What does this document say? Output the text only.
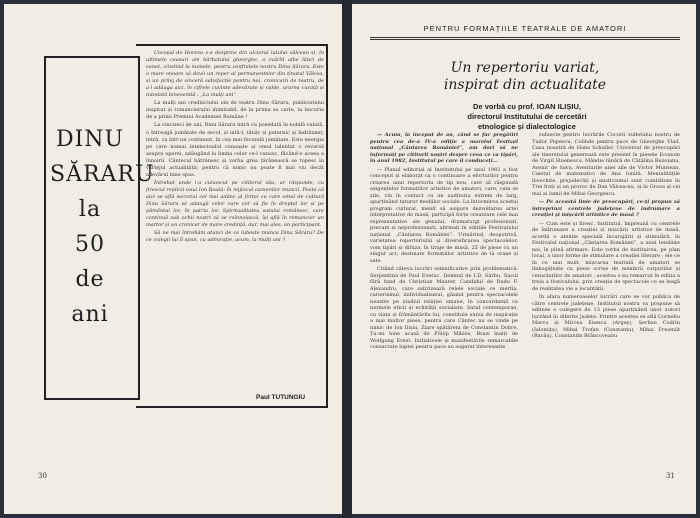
DINU
SĂRARU
la
50
de
ani

Cocoșul de Horezu s-a desprins din ulciorul lutului vâlcean și, în ultimele ceasuri ale bărbatului gheorghe, a zvârlit albe lănci de sunet, cinstind la numele, pentru confratele nostru Dinu Săraru. Este o mare onoare să devii un reper al permanentelor din ținutul Vâlcea, și un prilej de sinceră satisfacție pentru noi, cronicarii de teatru, de a-l adăuga aici, în cifrele cuvinte adevărate și calde, urarea curată și totodată binevenită : „La mulți ani”

La mulți ani credinciului om de teatru Dinu Săraru, publicistului inspirat și romancierului inimitabil, de la prima sa carte, la bucuria de a primi Premiul Academiei Române !

La cincizeci de ani, Dinu Săraru intră cu posedată în nobilă valută, o întreagă jumătate de secol, și iată-l, tânăr și puternic și îndrăzneț, intră, ca într-un continent, în cea mai fecundă jumătate. Este energia pe care numai intelectualul cunoaște și omul talentat o revarsă asupra operei, adăugând la limba celor ce-l cunosc, făcând-o aceea a înnoirii. Cântecul bătrânesc și vorba grea țărănească se topesc în vârtejul actualității; pentru că nimic nu poate fi mai viu decât adevărul bine spus.

Întrebat unde l-a cunoscut pe cititorul său, ar răspunde, cu firescul replicii unui Ion Roată: în mijlocul oamenilor muncii. Poate că aici se află secretul cel mai adânc al forței cu care omul de cultură Dinu Săraru se adaugă celor care vor să fie în dreptul lor și pe pământul lor, în patria lor. Spiritualitatea satului românesc, care continuă sub ochii noștri să se reînnoiască, își află în romancier un martor și un cronicar de mare credință, dar, mai ales, un participant.

Să ne mai întrebăm atunci de ce iubește munca Dinu Săraru? De ce colegii lui îl spun, cu admirație, acum, la mulți ani ?

Paul TUTUNGIU
30
PENTRU FORMAȚIILE TEATRALE DE AMATORI
Un repertoriu variat,
inspirat din actualitate
De vorbă cu prof. IOAN ILIȘIU,
directorul Institutului de cercetări
etnologice și dialectologice

— Acum, la început de an, când se fac pregătiri pentru cea de-a IV-a ediție a marelui Festival național „Cântarea României”, am dori să ne informați pe cititorii noștri despre ceea ce va tipări, în anul 1982, Institutul pe care îl conduceți...

— Planul editorial al Institutului pe anul 1982 a fost conceput și elaborat ca o continuare a eforturilor pentru crearea unui repertoriu de tip nou, care să răspundă exigențelor formațiilor artistice de amatori, care, cum se știe, vin în contact cu un auditoriu extrem de larg, aparținând tuturor mediilor sociale. La întocmirea acestui program cultural, menit să asigure dezvoltarea artei interpretative de masă, participă forțe creatoare cele mai reprezentative ale genului, dramaturgi profesioniști, precum și neprofesioniști, afirmați în edițiile Festivalului național „Cântarea României”. Urmărind, deopotrivă, varietatea repertoriului și diversificarea spectacolelor, vom tipări și difuza, în tiraje de masă, 25 de piese cu un singur act, destinate formațiilor artistice de la orașe și sate.

Citând câteva lucrări semnificative prin problematică: Serpentina de Paul Everac, Demnul de I.D. Sârbu, Sacul fără fund de Christian Maurer, Candidul de Radu F. Alexandru, care satirizează relele sociale ce inertia, carierismul, individualismul, găsind pentru spectacolele noastre pe stadiul relației umane, în concordanță cu normele eticii și echității socialiste. Satul contemporan, cu viața și frământările lui, constituie sursa de inspirație a mai multor piese, pentru care Cântec nu se vinde pe nimic de Ion Ilișiu, Ziare spătăreni de Constantin Dobre, Tu-mi bine acasă de Fülöp Miklós, Brazi înalți de Wolfgang Ernst. Inițiativele și manifestările remarcabile consacrate luptei pentru pace au sugerat interesante

subiecte pentru lucrările Cocorii sufletului nostru de Tudor Popescu, Colinde pentru pace de Gheorghe Vlad, Casa noastră de Hans Schuller. Universul de preocupări ale tineretului generează este prezent în piesele Econom de Virgil Stoenescu, Mândie tânără de Cătălina Buzoianu, Avenir de Sava. Aventurile unei zile de Victor Muntean, Caietul de matematici de Ana Ionită. Mentalitățile învechite, prejudecăți și misticismul sunt combătute în Trei frați și un proroc de Dan Vâlcea-nu, și în Grosu și cei mai ai lumii de Mihai Georgescu.

— Pe această linie de preocupări, ce-ți propun să întreprinzi centrele județene de îndrumare a creației și mișcării artistice de masă ?

— Cum este și firesc, Institutul, împreună cu centrele de îndrumare a creației și mișcării artistice de masă, acordă o atenție specială încurajării și stimulării, în Festivalul național „Cântarea României”, a unei tendințe noi, în plină afirmare. Este vorba de instituirea, pe plan local, a unor forme de stimulare a creației literare ; ele ce în ce mai mult, mișcarea teatrală de amatori se îmbogățește cu piese scrise de membrii corpurilor și cenaclurilor de amatori ; acestea s-au remarcat în ediția a treia a festivalului, prin creația de spectacole ce se leagă de realitatea vie a localității.

În afara numeroaselor lucrări care se vor publica de către centrele județene, Institutul nostru va propune să editeze o culegere de 13 piese aparținând unor autori lucrând în diferite județe. Printre acestea se află Corneliu Marcu și Mircea Enescu (Argeș), Șerban Codrin (Ialomița), Mihai Trofan (Constanța), Mihai Freamăt (Bacău), Constantin Brâncoveanu

31
